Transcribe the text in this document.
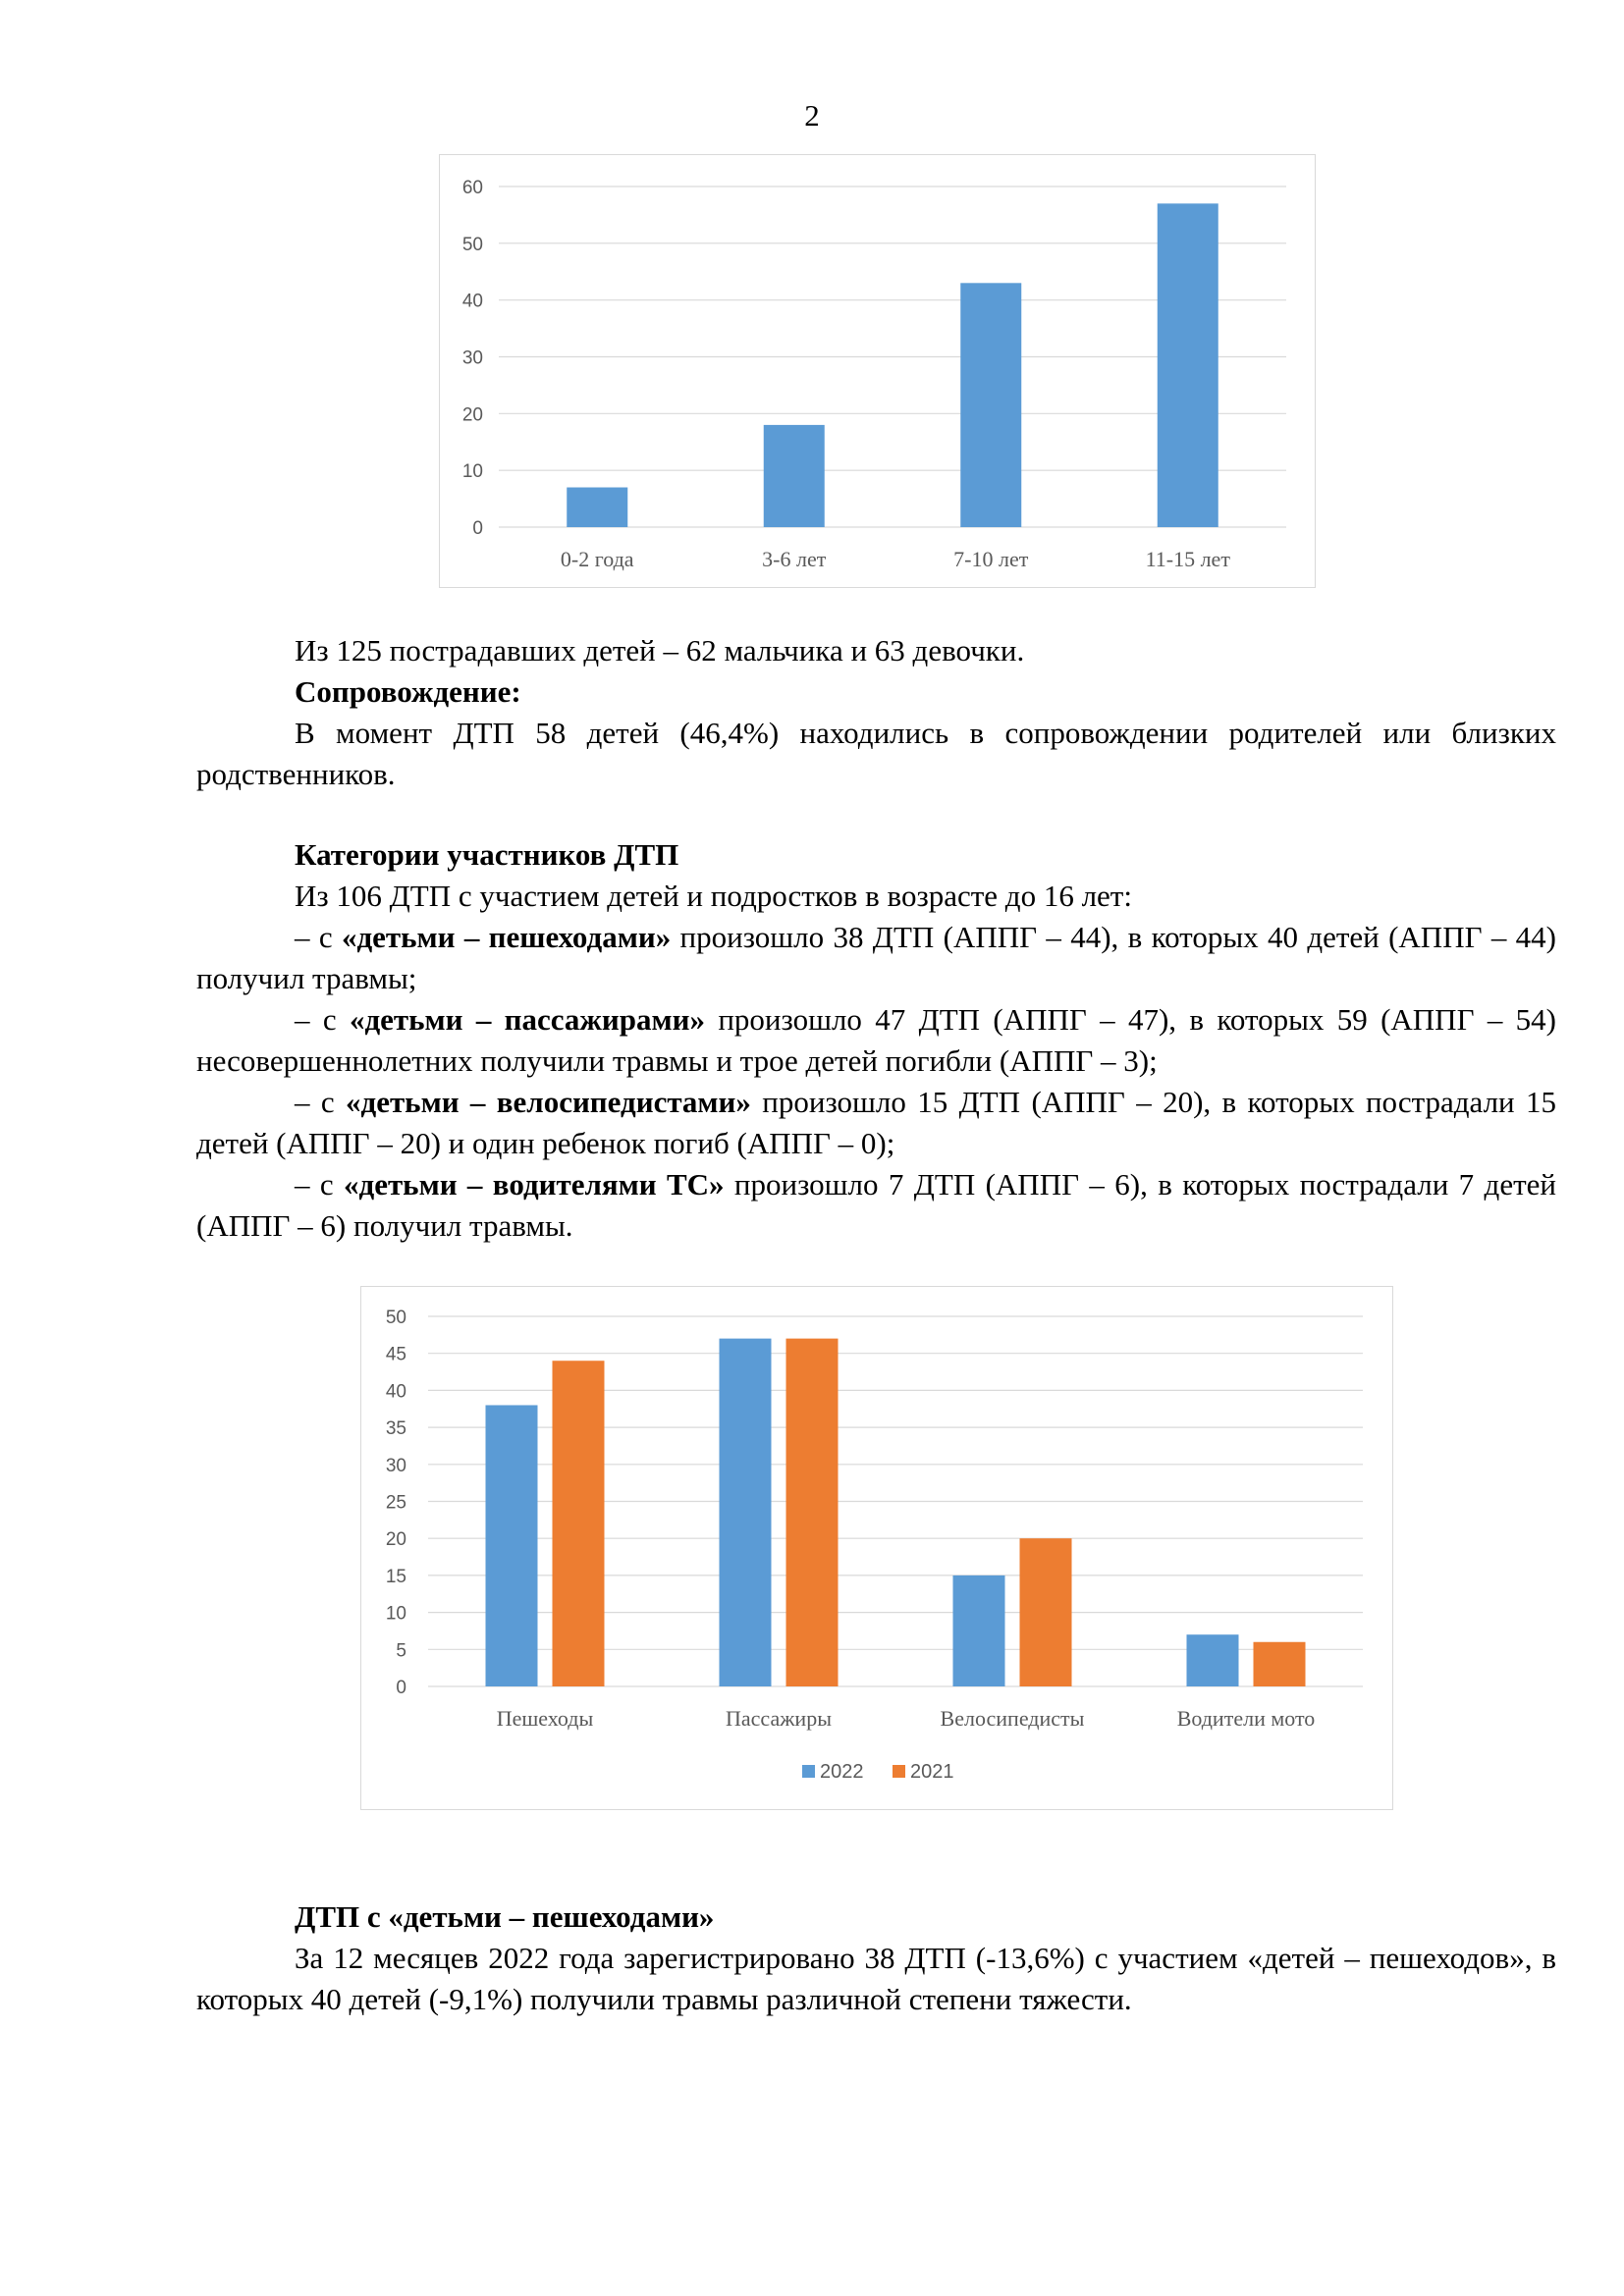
2
0
10
20
30
40
50
60
0-2 года	3-6 лет	7-10 лет	11-15 лет
Из 125 пострадавших детей – 62 мальчика и 63 девочки.
Сопровождение:
В момент ДТП 58 детей (46,4%) находились в сопровождении родителей или близких родственников.
Категории участников ДТП
Из 106 ДТП с участием детей и подростков в возрасте до 16 лет:
– с «детьми – пешеходами» произошло 38 ДТП (АППГ – 44), в которых 40 детей (АППГ – 44) получил травмы;
– с «детьми – пассажирами» произошло 47 ДТП (АППГ – 47), в которых 59 (АППГ – 54) несовершеннолетних получили травмы и трое детей погибли (АППГ – 3);
– с «детьми – велосипедистами» произошло 15 ДТП (АППГ – 20), в которых пострадали 15 детей (АППГ – 20) и один ребенок погиб (АППГ – 0);
– с «детьми – водителями ТС» произошло 7 ДТП (АППГ – 6), в которых пострадали 7 детей (АППГ – 6) получил травмы.
0
5
10
15
20
25
30
35
40
45
50
Пешеходы	Пассажиры	Велосипедисты	Водители мото
2022 2021
ДТП с «детьми – пешеходами»
За 12 месяцев 2022 года зарегистрировано 38 ДТП (-13,6%) с участием «детей – пешеходов», в которых 40 детей (-9,1%) получили травмы различной степени тяжести.
